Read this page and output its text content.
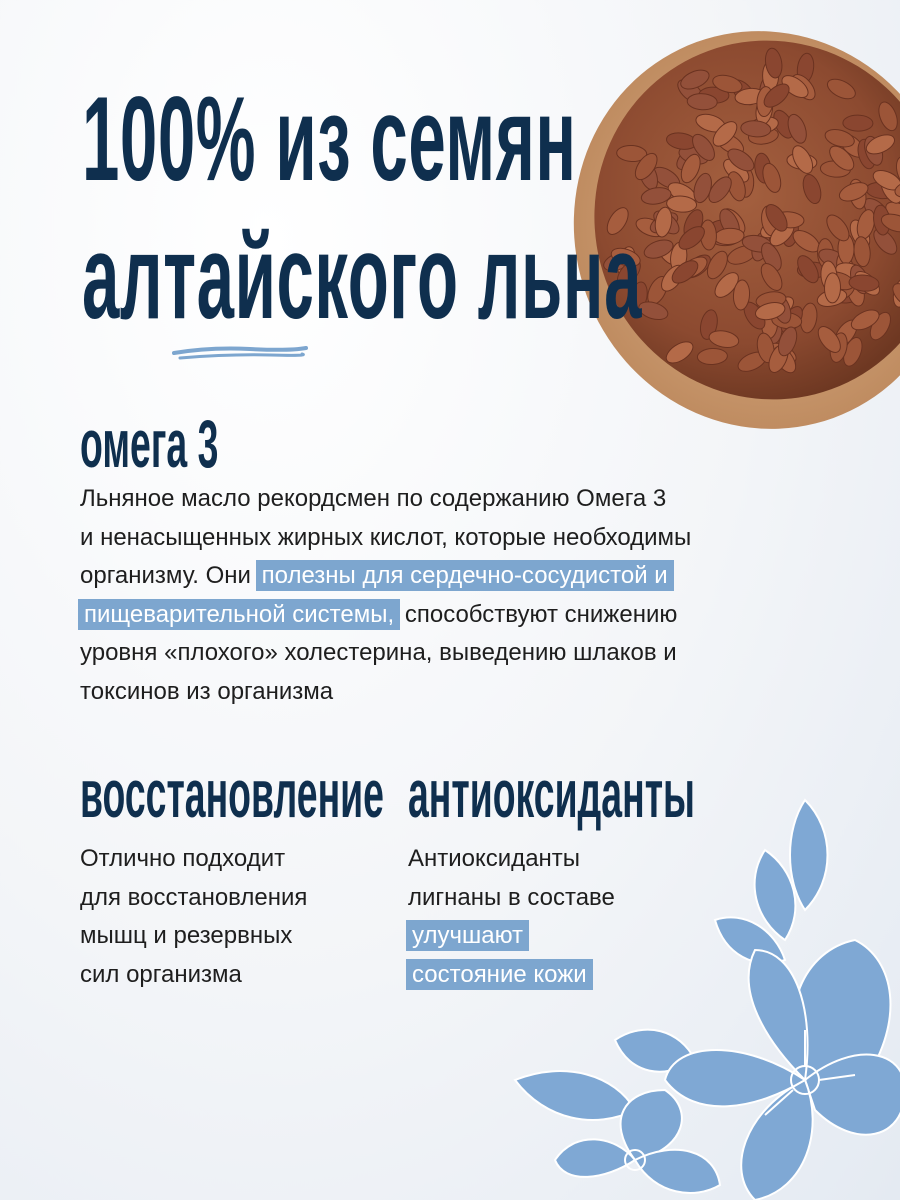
100% из семян
алтайского льна
омега 3
Льняное масло рекордсмен по содержанию Омега 3
и ненасыщенных жирных кислот, которые необходимы
организму. Они полезны для сердечно-сосудистой и
пищеварительной системы, способствуют снижению
уровня «плохого» холестерина, выведению шлаков и
токсинов из организма
восстановление
Отлично подходит
для восстановления
мышц и резервных
сил организма
антиоксиданты
Антиоксиданты
лигнаны в составе
улучшают
состояние кожи
